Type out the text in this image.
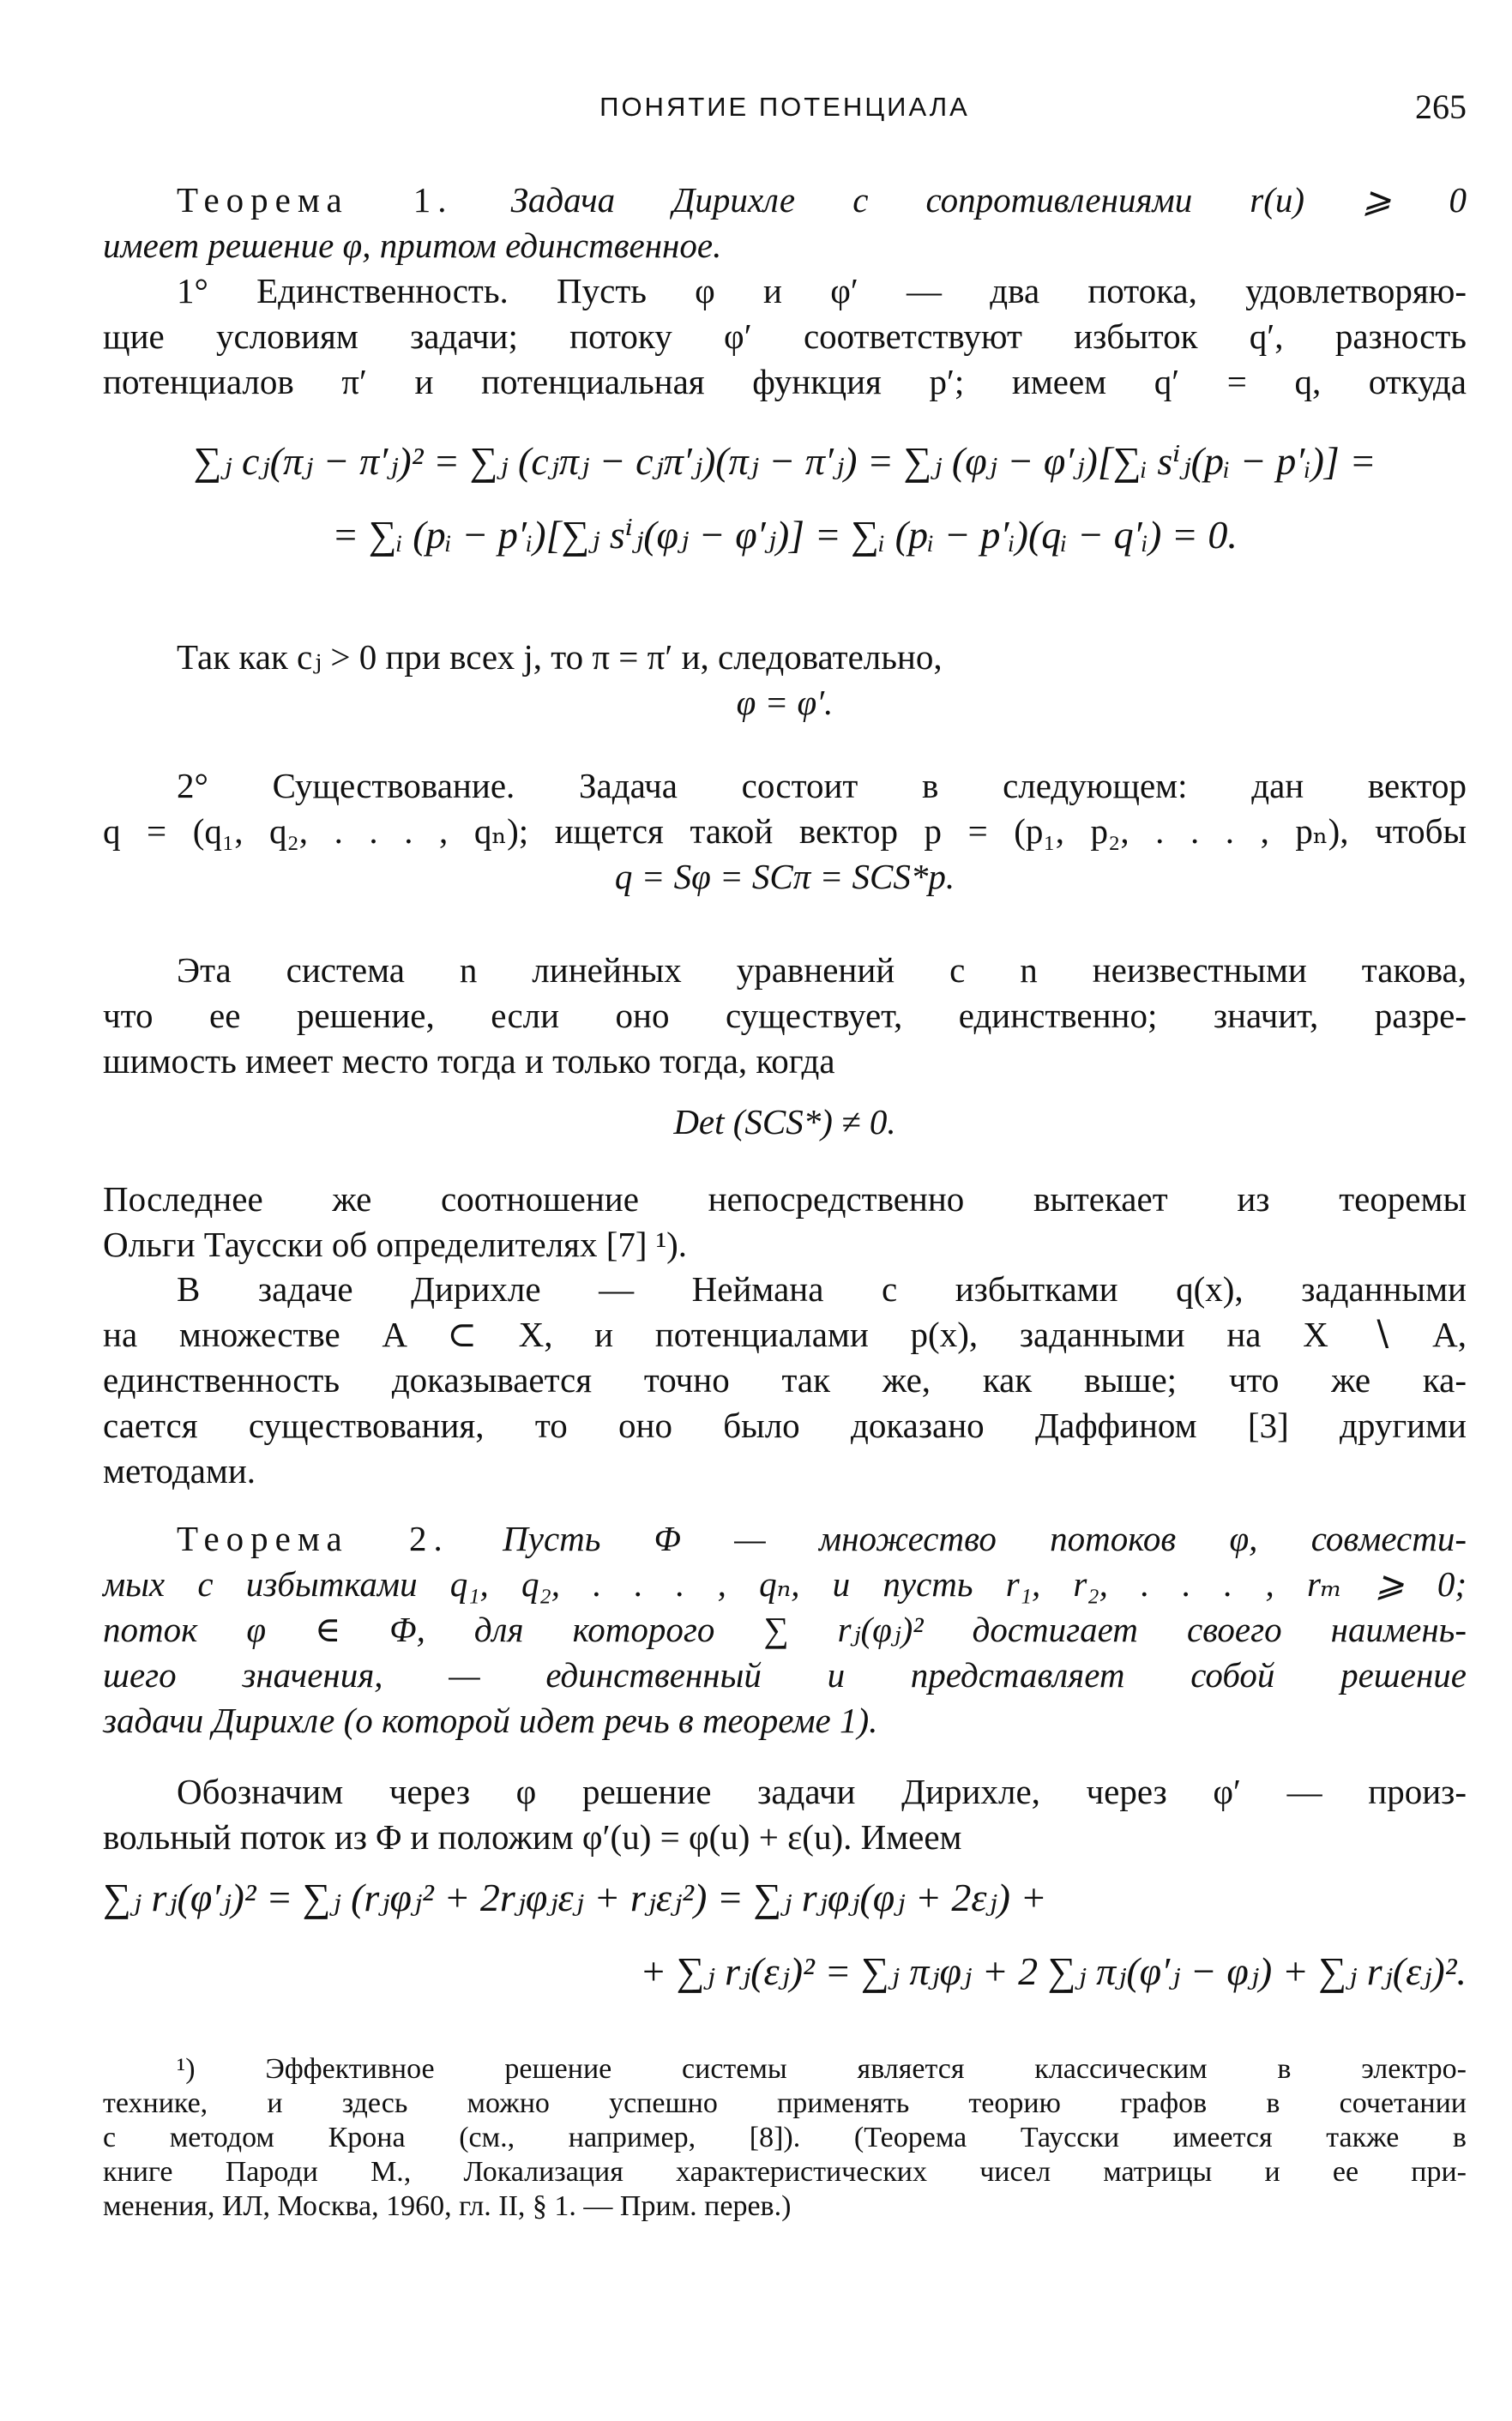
ПОНЯТИЕ ПОТЕНЦИАЛА	265

Теорема 1. Задача Дирихле с сопротивлениями r(u) ⩾ 0

имеет решение φ, притом единственное.

1° Единственность. Пусть φ и φ′ — два потока, удовлетворяю-

щие условиям задачи; потоку φ′ соответствуют избыток q′, разность

потенциалов π′ и потенциальная функция p′; имеем q′ = q, откуда

∑ⱼ cⱼ(πⱼ − π′ⱼ)² = ∑ⱼ (cⱼπⱼ − cⱼπ′ⱼ)(πⱼ − π′ⱼ) = ∑ⱼ (φⱼ − φ′ⱼ)[∑ᵢ sⁱⱼ(pᵢ − p′ᵢ)] =

= ∑ᵢ (pᵢ − p′ᵢ)[∑ⱼ sⁱⱼ(φⱼ − φ′ⱼ)] = ∑ᵢ (pᵢ − p′ᵢ)(qᵢ − q′ᵢ) = 0.

Так как cⱼ > 0 при всех j, то π = π′ и, следовательно,

φ = φ′.

2° Существование. Задача состоит в следующем: дан вектор

q = (q₁, q₂, . . . , qₙ); ищется такой вектор p = (p₁, p₂, . . . , pₙ), чтобы

q = Sφ = SCπ = SCS*p.

Эта система n линейных уравнений с n неизвестными такова,

что ее решение, если оно существует, единственно; значит, разре-

шимость имеет место тогда и только тогда, когда

Det (SCS*) ≠ 0.

Последнее же соотношение непосредственно вытекает из теоремы

Ольги Таусски об определителях [7] ¹).

В задаче Дирихле — Неймана с избытками q(x), заданными

на множестве A ⊂ X, и потенциалами p(x), заданными на X ∖ A,

единственность доказывается точно так же, как выше; что же ка-

сается существования, то оно было доказано Даффином [3] другими

методами.

Теорема 2. Пусть Φ — множество потоков φ, совмести-

мых с избытками q₁, q₂, . . . , qₙ, и пусть r₁, r₂, . . . , rₘ ⩾ 0;

поток φ ∈ Φ, для которого ∑ rⱼ(φⱼ)² достигает своего наимень-

шего значения, — единственный и представляет собой решение

задачи Дирихле (о которой идет речь в теореме 1).

Обозначим через φ решение задачи Дирихле, через φ′ — произ-

вольный поток из Φ и положим φ′(u) = φ(u) + ε(u). Имеем

∑ⱼ rⱼ(φ′ⱼ)² = ∑ⱼ (rⱼφⱼ² + 2rⱼφⱼεⱼ + rⱼεⱼ²) = ∑ⱼ rⱼφⱼ(φⱼ + 2εⱼ) +

+ ∑ⱼ rⱼ(εⱼ)² = ∑ⱼ πⱼφⱼ + 2 ∑ⱼ πⱼ(φ′ⱼ − φⱼ) + ∑ⱼ rⱼ(εⱼ)².

¹) Эффективное решение системы является классическим в электро-

технике, и здесь можно успешно применять теорию графов в сочетании

с методом Крона (см., например, [8]). (Теорема Таусски имеется также в

книге Пароди М., Локализация характеристических чисел матрицы и ее при-

менения, ИЛ, Москва, 1960, гл. II, § 1. — Прим. перев.)
